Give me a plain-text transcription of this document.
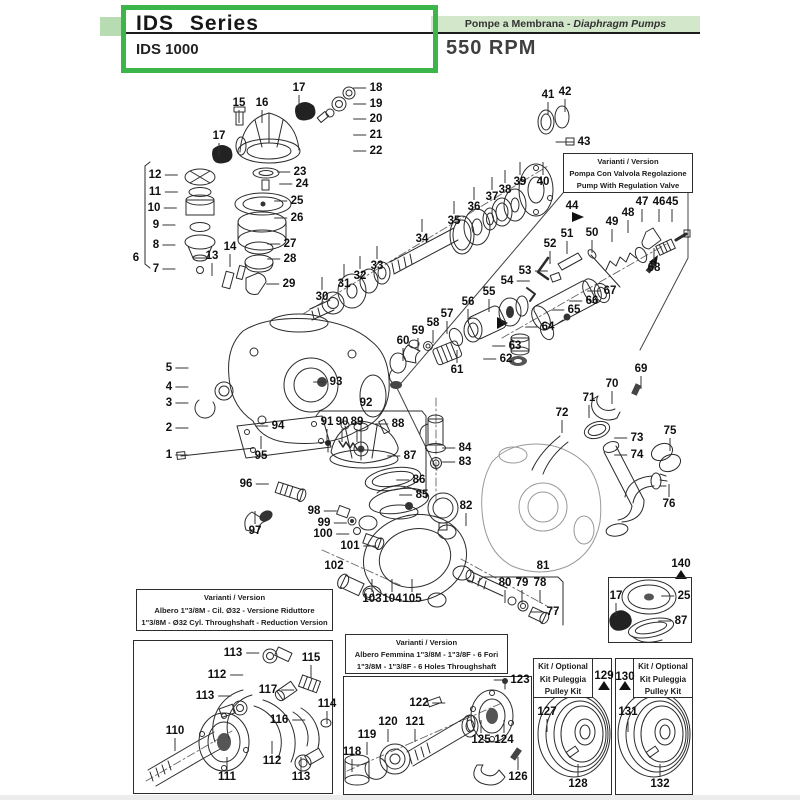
Pompe a Membrana - Diaphragm Pumps
IDS Series
IDS 1000	550 RPM
Varianti / Version
Pompa Con Valvola Regolazione
Pump With Regulation Valve
Varianti / Version
Albero 1"3/8M - Cil. Ø32 - Versione Riduttore
1"3/8M - Ø32 Cyl. Throughshaft - Reduction Version
Varianti / Version
Albero Femmina 1"3/8M - 1"3/8F - 6 Fori
1"3/8M - 1"3/8F - 6 Holes Throughshaft	Kit / Optional
Kit Puleggia
Pulley Kit
Kit / Optional
Kit Puleggia
Pulley Kit
1
2
3
4
5
6
7
8
9
10
11
12
13
14
15 16
17
17	18
19
20
21
22
23
24
25
26
27
28
29
30
31
32
33
34
35
36
37
38
39 40
41 42
43
44	45
46
47
48
49
50
51
52
53
54
55
56
57
58
59
60
61
62
63
64
65
66
67
68
69
70
71
72
73
74
75
76
77
78
79
80
81
82
83
84
85
86
87
88
89
90
91
92
93
94
95
96
97
98
99
100
101
102
103 104 105
110
111
112
112
113
113
113
114
115
116
117
118
119
120 121
122
123
124
125
126
127
128
129 130
131
132
140
17	25
87
